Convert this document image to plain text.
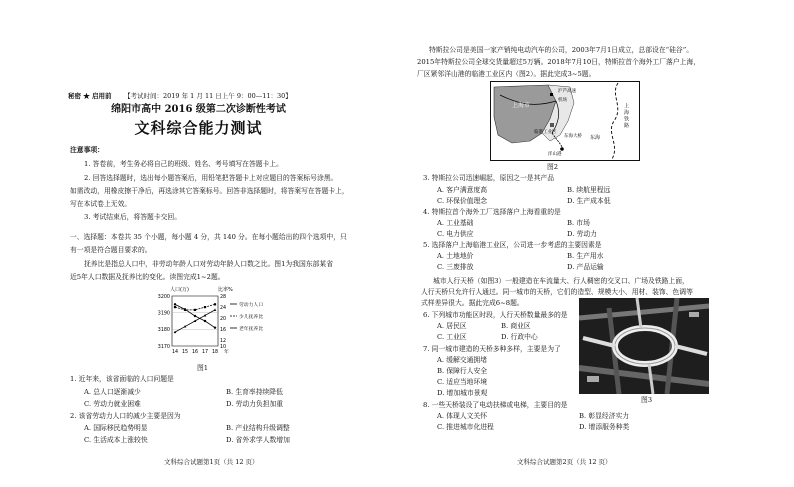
秘密 ★ 启用前 【考试时间：2019 年 1 月 11 日上午 9：00—11：30】
绵阳市高中 2016 级第二次诊断性考试
文科综合能力测试
注意事项：
1. 答卷前，考生务必将自己的班级、姓名、考号填写在答题卡上。
2. 回答选择题时，选出每小题答案后，用铅笔把答题卡上对应题目的答案标号涂黑。
如需改动，用橡皮擦干净后，再选涂其它答案标号。回答非选择题时，将答案写在答题卡上，
写在本试卷上无效。
3. 考试结束后，将答题卡交回。
一、选择题：本卷共 35 个小题，每小题 4 分，共 140 分。在每小题给出的四个选项中，只
有一项是符合题目要求的。
抚养比是指总人口中，非劳动年龄人口对劳动年龄人口数之比。图1为我国东部某省
近5年人口数据及抚养比的变化。读图完成1~2题。
人口(万)	比率%
3200
3190
3180
3170
28
24
20
16
12
10
14 15 16 17 18 年
劳动力人口
少儿抚养比
老年抚养比
图1
1. 近年来，该省面临的人口问题是
A. 总人口逐渐减少	B. 生育率持续降低
C. 劳动力就业困难	D. 劳动力负担加重
2. 该省劳动力人口的减少主要是因为
A. 国际移民趋势明显	B. 产业结构升级调整
C. 生活成本上涨较快	D. 省外求学人数增加
文科综合试题第1页（共 12 页）
特斯拉公司是美国一家产销纯电动汽车的公司，2003年7月1日成立，总部设在“硅谷”。
2015年特斯拉公司全球交货量超过5万辆。2018年7月10日，特斯拉首个海外工厂落户上海，
厂区紧邻洋山港的临港工业区内（图2）。据此完成3~5题。
上海市
沪芦高速
机场
临港工业区
东海大桥
洋山港
东海
上 海 铁 路
图2
3. 特斯拉公司迅速崛起，原因之一是其产品
A. 客户满意度高	B. 续航里程远
C. 环保价值理念	D. 生产成本低
4. 特斯拉首个海外工厂选择落户上海看重的是
A. 工业基础	B. 市场
C. 电力供应	D. 劳动力
5. 选择落户上海临港工业区，公司进一步考虑的主要因素是
A. 土地地价	B. 生产用水
C. 三废排放	D. 产品运输
城市人行天桥（如图3）一般建造在车流量大、行人稠密的交叉口、广场及铁路上面，
人行天桥只允许行人通过。同一城市的天桥，它们的造型、规模大小、用材、装饰、色调等
式样差异很大。据此完成6~8题。
6. 下列城市功能区时段，人行天桥数量最多的是
A. 居民区	B. 商业区
C. 工业区	D. 行政中心
7. 同一城市建造的天桥多种多样，主要是为了
A. 缓解交通拥堵
B. 保障行人安全
C. 适应当地环境
D. 增加城市景观
图3
8. 一些天桥装设了电动扶梯或电梯，主要目的是
A. 体现人文关怀	B. 彰显经济实力
C. 推进城市化进程	D. 增添服务种类
文科综合试题第2页（共 12 页）
